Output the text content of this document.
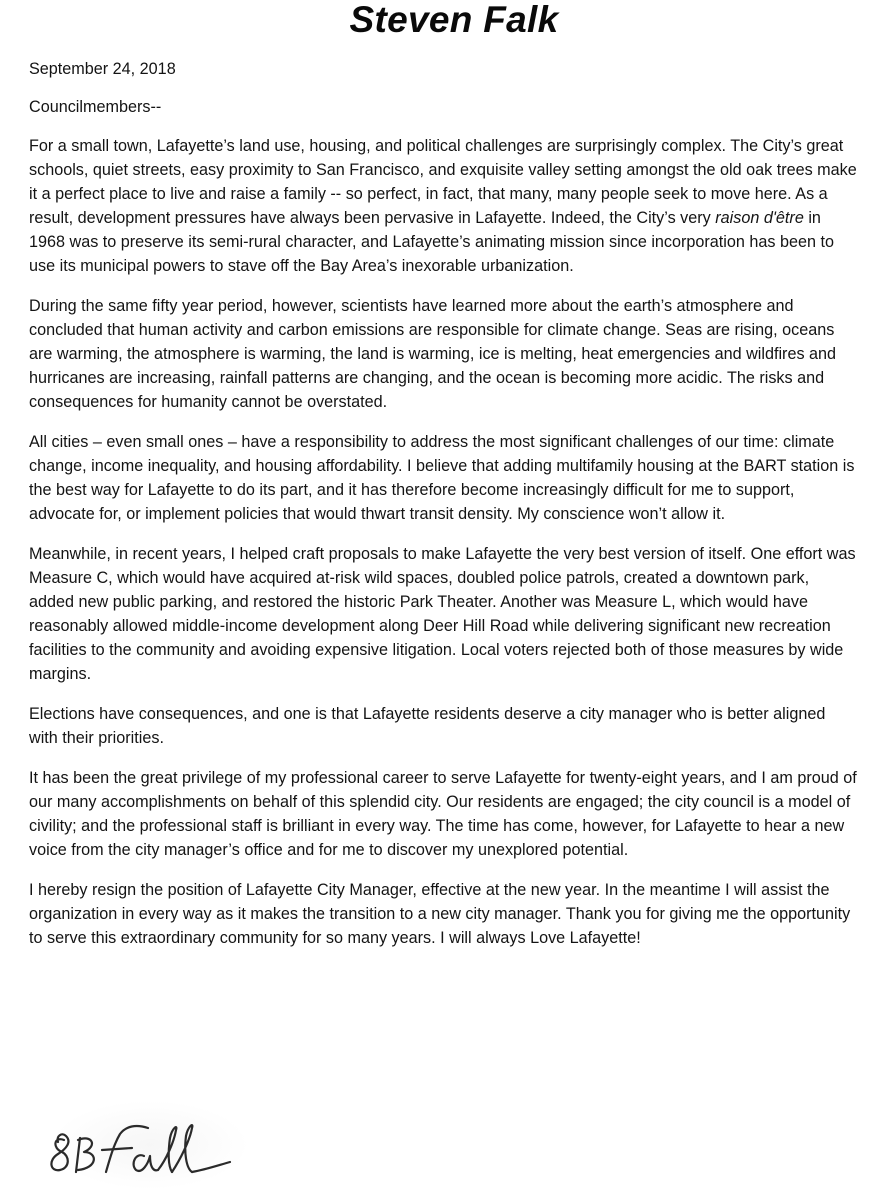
Steven Falk

September 24, 2018

Councilmembers--

For a small town, Lafayette’s land use, housing, and political challenges are surprisingly complex. The City’s great schools, quiet streets, easy proximity to San Francisco, and exquisite valley setting amongst the old oak trees make it a perfect place to live and raise a family -- so perfect, in fact, that many, many people seek to move here. As a result, development pressures have always been pervasive in Lafayette. Indeed, the City’s very raison d'être in 1968 was to preserve its semi-rural character, and Lafayette’s animating mission since incorporation has been to use its municipal powers to stave off the Bay Area’s inexorable urbanization.

During the same fifty year period, however, scientists have learned more about the earth’s atmosphere and concluded that human activity and carbon emissions are responsible for climate change. Seas are rising, oceans are warming, the atmosphere is warming, the land is warming, ice is melting, heat emergencies and wildfires and hurricanes are increasing, rainfall patterns are changing, and the ocean is becoming more acidic. The risks and consequences for humanity cannot be overstated.

All cities – even small ones – have a responsibility to address the most significant challenges of our time: climate change, income inequality, and housing affordability. I believe that adding multifamily housing at the BART station is the best way for Lafayette to do its part, and it has therefore become increasingly difficult for me to support, advocate for, or implement policies that would thwart transit density. My conscience won’t allow it.

Meanwhile, in recent years, I helped craft proposals to make Lafayette the very best version of itself. One effort was Measure C, which would have acquired at-risk wild spaces, doubled police patrols, created a downtown park, added new public parking, and restored the historic Park Theater. Another was Measure L, which would have reasonably allowed middle-income development along Deer Hill Road while delivering significant new recreation facilities to the community and avoiding expensive litigation. Local voters rejected both of those measures by wide margins.

Elections have consequences, and one is that Lafayette residents deserve a city manager who is better aligned with their priorities.

It has been the great privilege of my professional career to serve Lafayette for twenty-eight years, and I am proud of our many accomplishments on behalf of this splendid city. Our residents are engaged; the city council is a model of civility; and the professional staff is brilliant in every way. The time has come, however, for Lafayette to hear a new voice from the city manager’s office and for me to discover my unexplored potential.

I hereby resign the position of Lafayette City Manager, effective at the new year. In the meantime I will assist the organization in every way as it makes the transition to a new city manager. Thank you for giving me the opportunity to serve this extraordinary community for so many years. I will always Love Lafayette!
